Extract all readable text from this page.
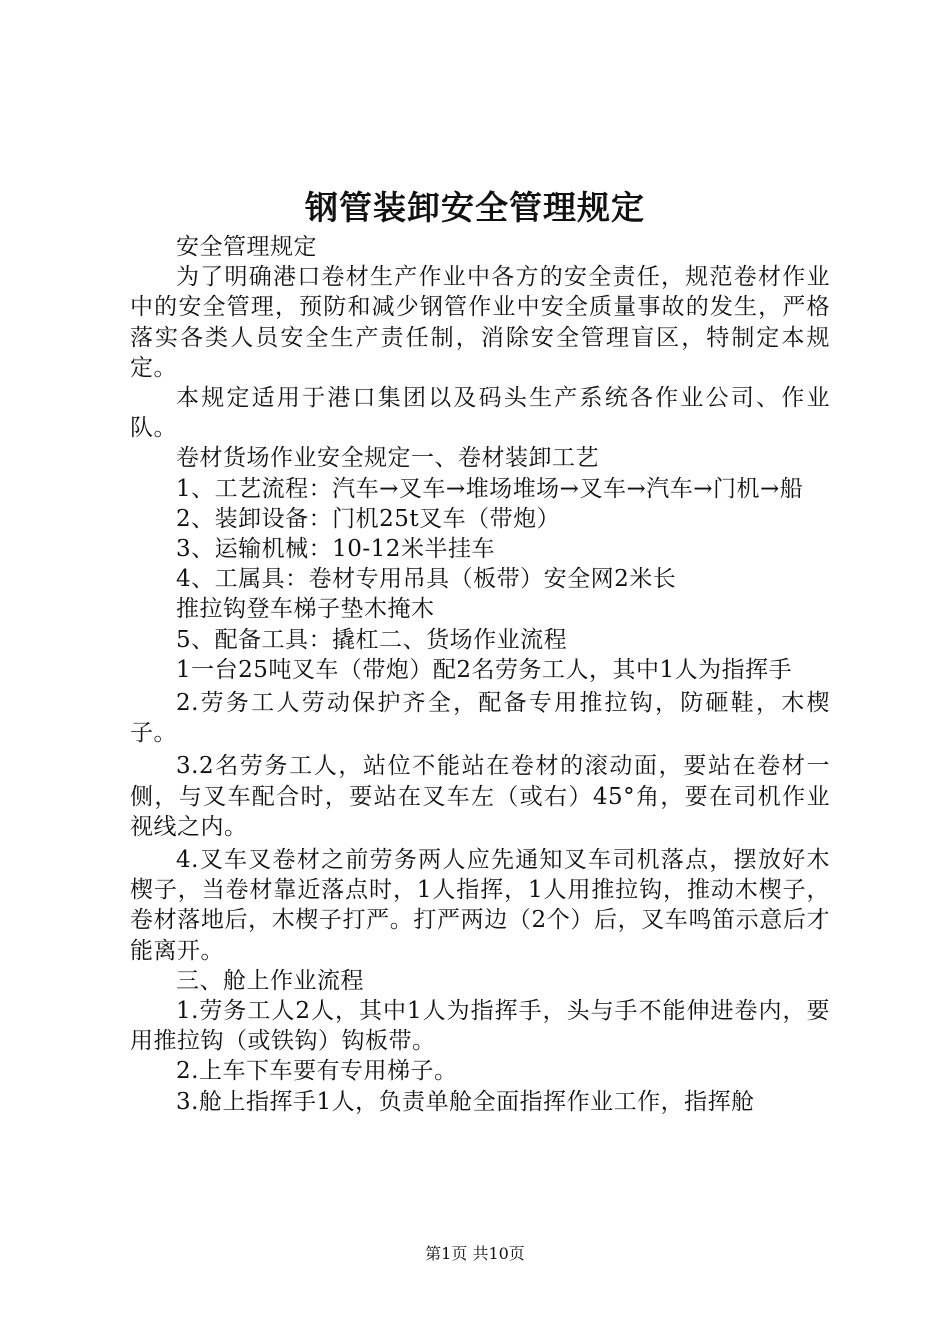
钢管装卸安全管理规定

安全管理规定

为了明确港口卷材生产作业中各方的安全责任，规范卷材作业中的安全管理，预防和减少钢管作业中安全质量事故的发生，严格落实各类人员安全生产责任制，消除安全管理盲区，特制定本规定。

本规定适用于港口集团以及码头生产系统各作业公司、作业队。

卷材货场作业安全规定一、卷材装卸工艺

1、工艺流程：汽车→叉车→堆场堆场→叉车→汽车→门机→船

2、装卸设备：门机25t叉车（带炮）

3、运输机械：10-12米半挂车

4、工属具：卷材专用吊具（板带）安全网2米长

推拉钩登车梯子垫木掩木

5、配备工具：撬杠二、货场作业流程

1一台25吨叉车（带炮）配2名劳务工人，其中1人为指挥手

2.劳务工人劳动保护齐全，配备专用推拉钩，防砸鞋，木楔子。

3.2名劳务工人，站位不能站在卷材的滚动面，要站在卷材一侧，与叉车配合时，要站在叉车左（或右）45°角，要在司机作业视线之内。

4.叉车叉卷材之前劳务两人应先通知叉车司机落点，摆放好木楔子，当卷材靠近落点时，1人指挥，1人用推拉钩，推动木楔子，卷材落地后，木楔子打严。打严两边（2个）后，叉车鸣笛示意后才能离开。

三、舱上作业流程

1.劳务工人2人，其中1人为指挥手，头与手不能伸进卷内，要用推拉钩（或铁钩）钩板带。

2.上车下车要有专用梯子。

3.舱上指挥手1人，负责单舱全面指挥作业工作，指挥舱

第1页 共10页
